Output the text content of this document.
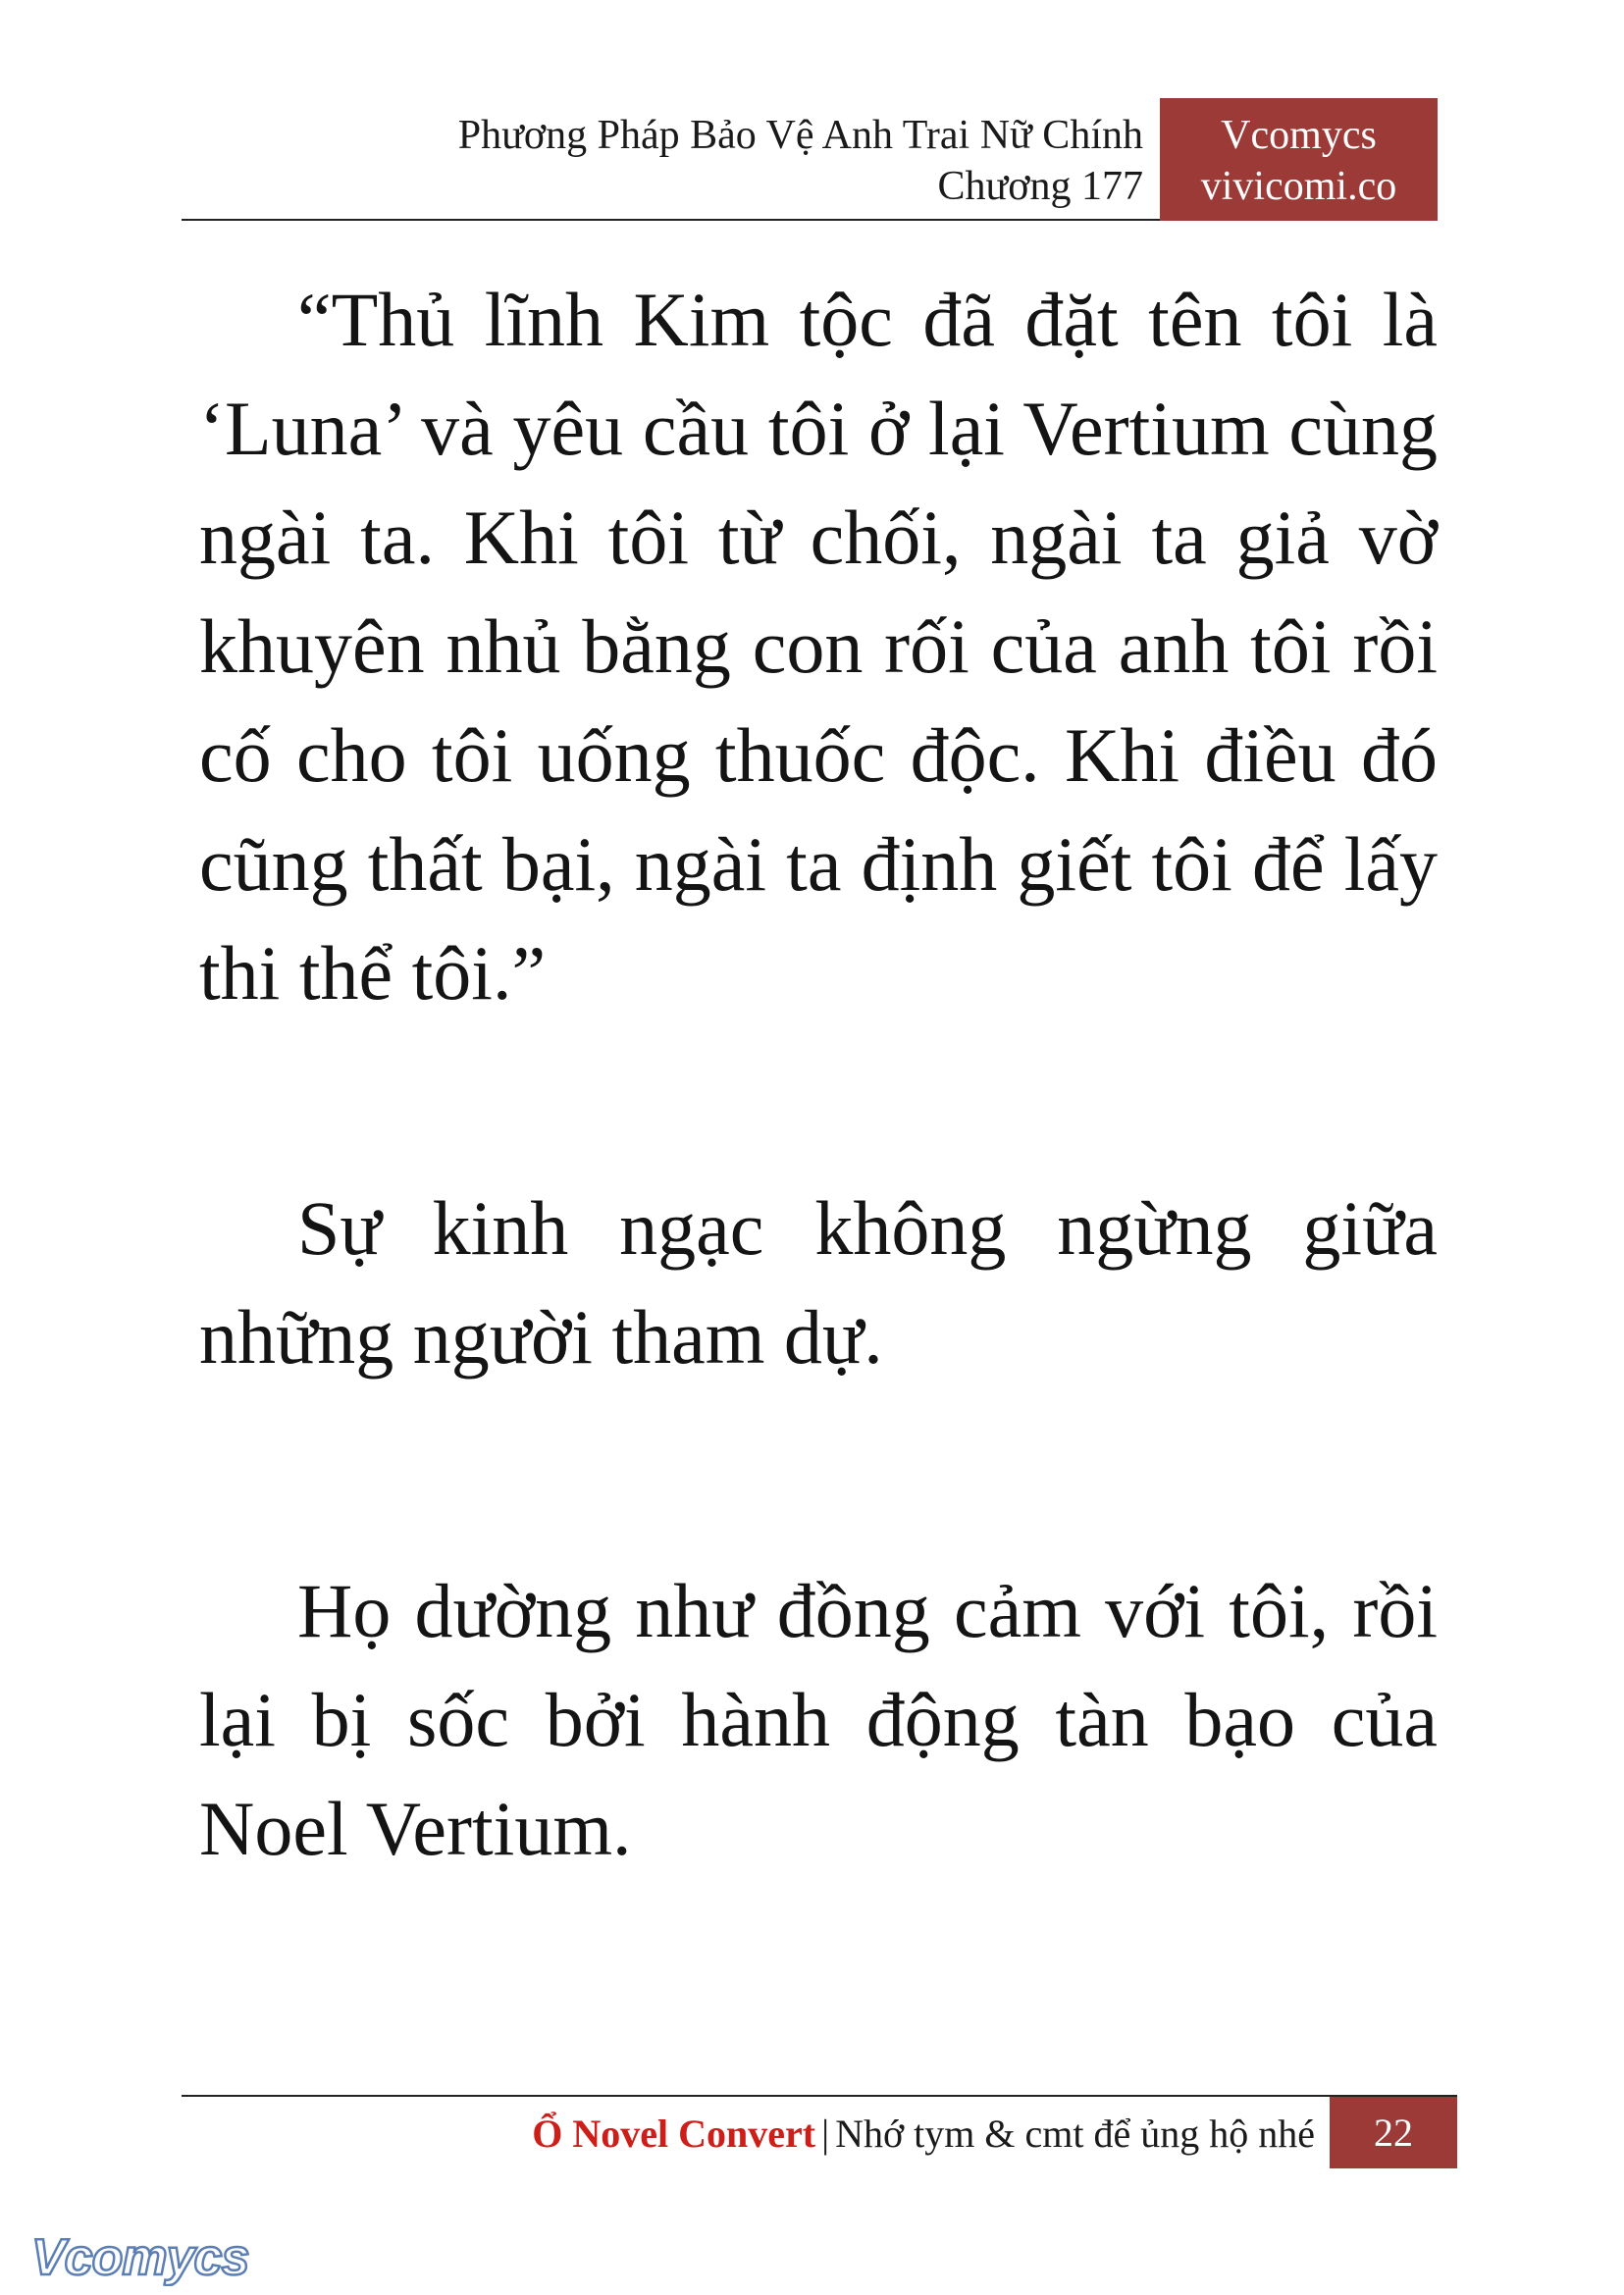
Phương Pháp Bảo Vệ Anh Trai Nữ Chính
Chương 177
Vcomycs
vivicomi.co

“Thủ lĩnh Kim tộc đã đặt tên tôi là ‘Luna’ và yêu cầu tôi ở lại Vertium cùng ngài ta. Khi tôi từ chối, ngài ta giả vờ khuyên nhủ bằng con rối của anh tôi rồi cố cho tôi uống thuốc độc. Khi điều đó cũng thất bại, ngài ta định giết tôi để lấy thi thể tôi.”

Sự kinh ngạc không ngừng giữa những người tham dự.

Họ dường như đồng cảm với tôi, rồi lại bị sốc bởi hành động tàn bạo của Noel Vertium.

Ổ Novel Convert | Nhớ tym & cmt để ủng hộ nhé	22
Vcomycs
